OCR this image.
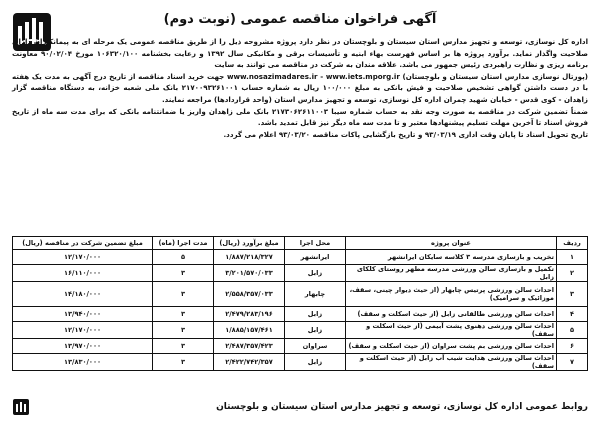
آگهی فراخوان مناقصه عمومی (نوبت دوم)

اداره کل نوسازی، توسعه و تجهیز مدارس استان سیستان و بلوچستان در نظر دارد پروژه مشروحه ذیل را از طریق مناقصه عمومی یک مرحله ای به پیمانکاران دارای صلاحیت واگذار نماید. برآورد پروژه ها بر اساس فهرست بهاء ابنیه و تأسیسات برقی و مکانیکی سال ۱۳۹۲ و رعایت بخشنامه ۱۰۶۳۲۰/۱۰۰ مورخ ۹۰/۰۲/۰۴ معاونت برنامه ریزی و نظارت راهبردی رئیس جمهور می باشد. علاقه مندان به شرکت در مناقصه می توانند به سایت

(پورتال نوسازی مدارس استان سیستان و بلوچستان) www.nosazimadares.ir - www.iets.mporg.ir جهت خرید اسناد مناقصه از تاریخ درج آگهی به مدت یک هفته با در دست داشتن گواهی تشخیص صلاحیت و فیش بانکی به مبلغ ۱۰۰/۰۰۰ ریال به شماره حساب ۲۱۷۰۰۹۳۲۶۱۰۰۱ بانک ملی شعبه خزانه، به دستگاه مناقصه گزار زاهدان - کوی قدس - خیابان شهید چمران اداره کل نوسازی، توسعه و تجهیز مدارس استان (واحد قراردادها) مراجعه نمایند.

ضمناً تضمین شرکت در مناقصه به صورت وجه نقد به حساب شماره سیبا ۲۱۷۳۰۶۲۶۱۱۰۰۳ بانک ملی زاهدان واریز یا ضمانتنامه بانکی که برای مدت سه ماه از تاریخ فروش اسناد تا آخرین مهلت تسلیم پیشنهادها معتبر و تا مدت سه ماه دیگر نیز قابل تمدید باشد.

تاریخ تحویل اسناد تا پایان وقت اداری ۹۳/۰۳/۱۹ و تاریخ بازگشایی پاکات مناقصه ۹۳/۰۳/۲۰ اعلام می گردد.

ردیف	عنوان پروژه	محل اجرا	مبلغ برآورد (ریال)	مدت اجرا (ماه)	مبلغ تضمین شرکت در مناقصه (ریال)
۱	تخریب و بازسازی مدرسه ۳ کلاسه سایکان ایرانشهر	ایرانشهر	۱/۸۸۷/۲۱۸/۳۲۷	۵	۱۲/۱۷۰/۰۰۰
۲	تکمیل و بازسازی سالن ورزشی مدرسه مطهر روستای کلکای زابل	زابل	۳/۲۰۱/۵۷۰/۰۳۳	۳	۱۶/۱۱۰/۰۰۰
۳	احداث سالن ورزشی پرتیس چابهار (از حیث دیوار چینی، سقف، موزائیک و سرامیک)	چابهار	۲/۵۵۸/۳۵۷/۰۳۳	۳	۱۴/۱۸۰/۰۰۰
۴	احداث سالن ورزشی طالقانی زابل (از حیث اسکلت و سقف)	زابل	۲/۴۷۹/۲۸۳/۱۹۶	۳	۱۳/۹۴۰/۰۰۰
۵	احداث سالن ورزشی دهنوی پشت آبیمی (از حیث اسکلت و سقف)	زابل	۱/۸۸۵/۱۵۷/۴۶۱	۳	۱۲/۱۷۰/۰۰۰
۶	احداث سالن ورزشی بم پشت سراوان (از حیث اسکلت و سقف)	سراوان	۲/۴۸۷/۳۵۷/۴۲۳	۳	۱۳/۹۷۰/۰۰۰
۷	احداث سالن ورزشی هدایت شیب آب زابل (از حیث اسکلت و سقف)	زابل	۲/۴۲۲/۷۴۲/۳۵۷	۳	۱۳/۸۳۰/۰۰۰
روابط عمومی اداره کل نوسازی، توسعه و تجهیز مدارس استان سیستان و بلوچستان
